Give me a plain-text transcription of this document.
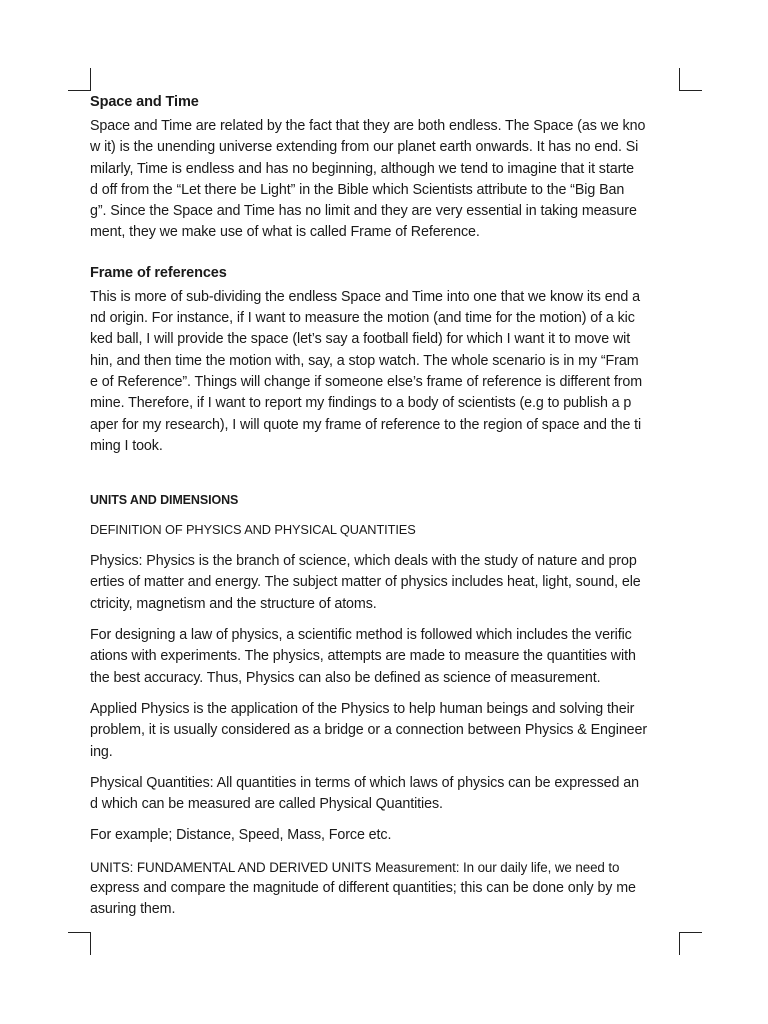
Space and Time
Space and Time are related by the fact that they are both endless. The Space (as we kno
w it) is the unending universe extending from our planet earth onwards. It has no end. Si
milarly, Time is endless and has no beginning, although we tend to imagine that it starte
d off from the “Let there be Light” in the Bible which Scientists attribute to the “Big Ban
g”. Since the Space and Time has no limit and they are very essential in taking measure
ment, they we make use of what is called Frame of Reference.
Frame of references
This is more of sub-dividing the endless Space and Time into one that we know its end a
nd origin. For instance, if I want to measure the motion (and time for the motion) of a kic
ked ball, I will provide the space (let’s say a football field) for which I want it to move wit
hin, and then time the motion with, say, a stop watch. The whole scenario is in my “Fram
e of Reference”. Things will change if someone else’s frame of reference is different from
mine. Therefore, if I want to report my findings to a body of scientists (e.g to publish a p
aper for my research), I will quote my frame of reference to the region of space and the ti
ming I took.
UNITS AND DIMENSIONS
DEFINITION OF PHYSICS AND PHYSICAL QUANTITIES
Physics: Physics is the branch of science, which deals with the study of nature and prop
erties of matter and energy. The subject matter of physics includes heat, light, sound, ele
ctricity, magnetism and the structure of atoms.
For designing a law of physics, a scientific method is followed which includes the verific
ations with experiments. The physics, attempts are made to measure the quantities with
the best accuracy. Thus, Physics can also be defined as science of measurement.
Applied Physics is the application of the Physics to help human beings and solving their
problem, it is usually considered as a bridge or a connection between Physics & Engineer
ing.
Physical Quantities: All quantities in terms of which laws of physics can be expressed an
d which can be measured are called Physical Quantities.
For example; Distance, Speed, Mass, Force etc.
UNITS: FUNDAMENTAL AND DERIVED UNITS Measurement: In our daily life, we need to
express and compare the magnitude of different quantities; this can be done only by me
asuring them.
